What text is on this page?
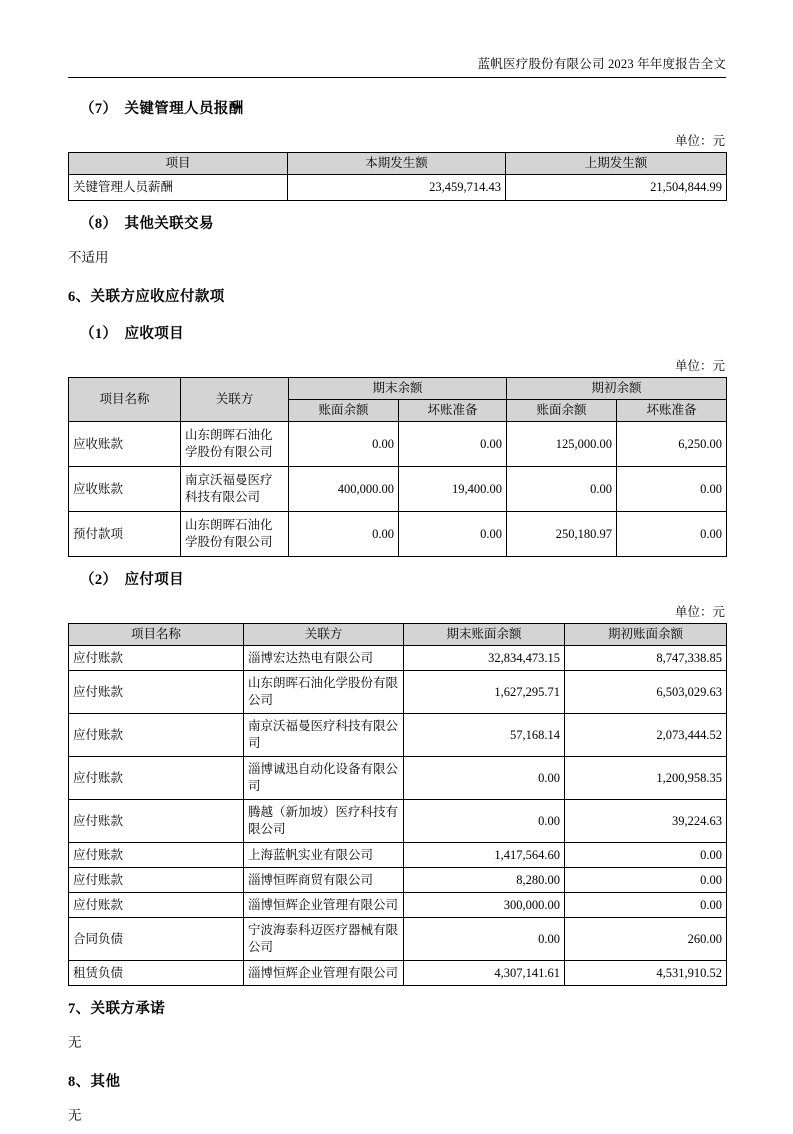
蓝帆医疗股份有限公司 2023 年年度报告全文
（7） 关键管理人员报酬
单位：元
项目	本期发生额	上期发生额
关键管理人员薪酬	23,459,714.43	21,504,844.99
（8） 其他关联交易

不适用

6、关联方应收应付款项
（1） 应收项目
单位：元
项目名称	关联方	期末余额		期初余额	
		账面余额	坏账准备	账面余额	坏账准备
应收账款	山东朗晖石油化学股份有限公司	0.00	0.00	125,000.00	6,250.00
应收账款	南京沃福曼医疗科技有限公司	400,000.00	19,400.00	0.00	0.00
预付款项	山东朗晖石油化学股份有限公司	0.00	0.00	250,180.97	0.00
（2） 应付项目
单位：元
项目名称	关联方	期末账面余额	期初账面余额
应付账款	淄博宏达热电有限公司	32,834,473.15	8,747,338.85
应付账款	山东朗晖石油化学股份有限公司	1,627,295.71	6,503,029.63
应付账款	南京沃福曼医疗科技有限公司	57,168.14	2,073,444.52
应付账款	淄博诚迅自动化设备有限公司	0.00	1,200,958.35
应付账款	腾越（新加坡）医疗科技有限公司	0.00	39,224.63
应付账款	上海蓝帆实业有限公司	1,417,564.60	0.00
应付账款	淄博恒晖商贸有限公司	8,280.00	0.00
应付账款	淄博恒辉企业管理有限公司	300,000.00	0.00
合同负债	宁波海泰科迈医疗器械有限公司	0.00	260.00
租赁负债	淄博恒辉企业管理有限公司	4,307,141.61	4,531,910.52
7、关联方承诺

无

8、其他

无
